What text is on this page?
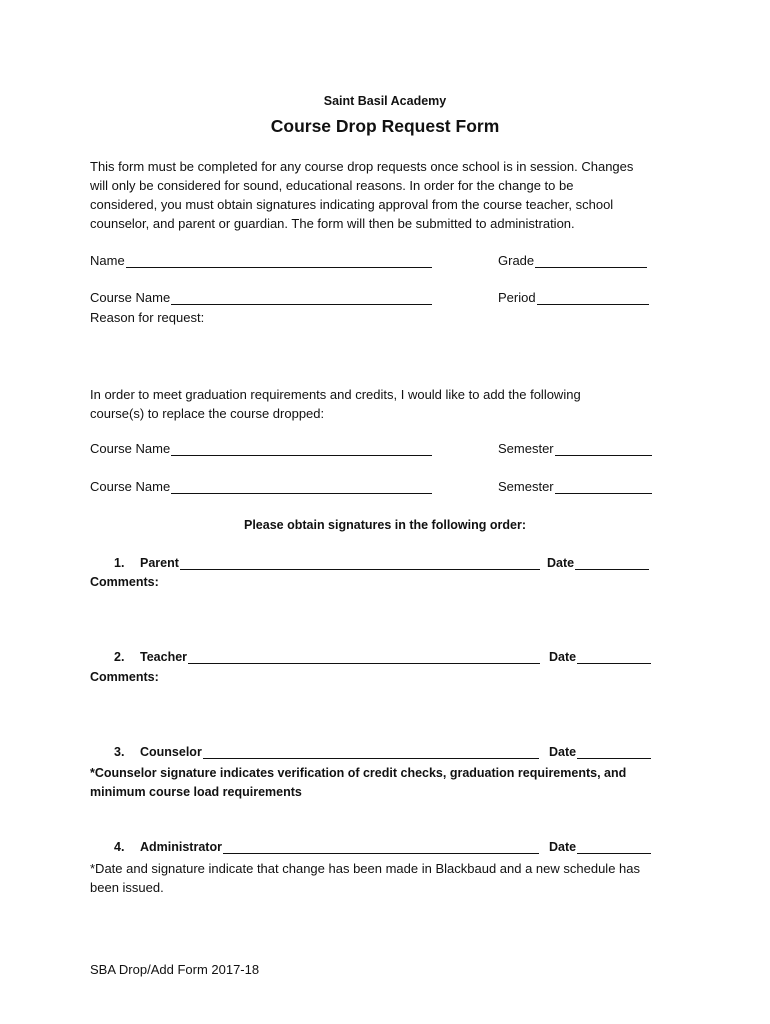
Saint Basil Academy
Course Drop Request Form
This form must be completed for any course drop requests once school is in session. Changes
will only be considered for sound, educational reasons. In order for the change to be
considered, you must obtain signatures indicating approval from the course teacher, school
counselor, and parent or guardian. The form will then be submitted to administration.
Name	Grade
Course Name	Period
Reason for request:
In order to meet graduation requirements and credits, I would like to add the following
course(s) to replace the course dropped:
Course Name	Semester
Course Name	Semester
Please obtain signatures in the following order:
1.	Parent	Date
Comments:
2.	Teacher	Date
Comments:
3.	Counselor	Date
*Counselor signature indicates verification of credit checks, graduation requirements, and
minimum course load requirements
4.	Administrator	Date
*Date and signature indicate that change has been made in Blackbaud and a new schedule has
been issued.
SBA Drop/Add Form 2017-18
